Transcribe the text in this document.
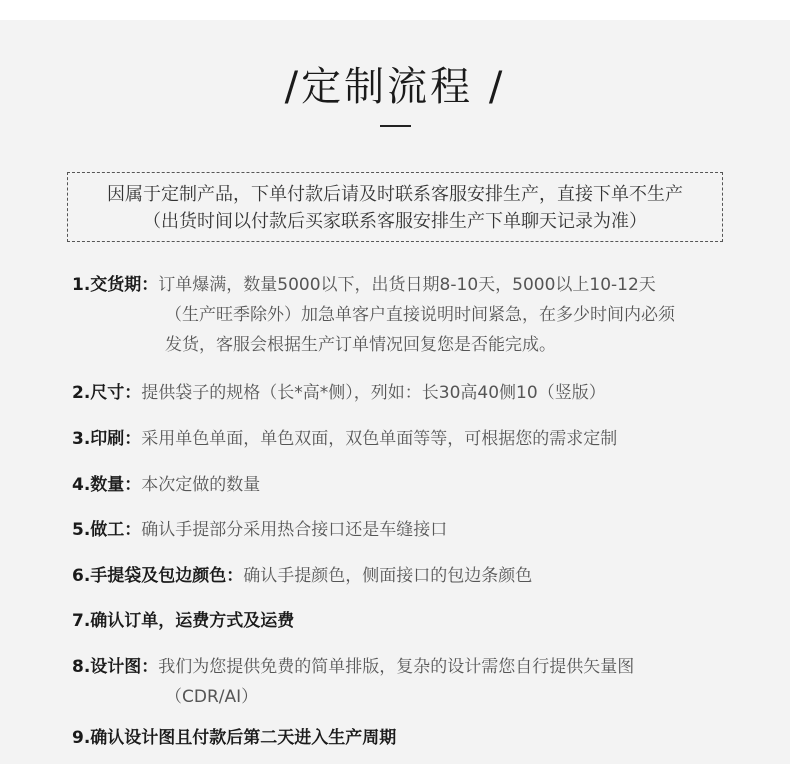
/定制流程 /
因属于定制产品，下单付款后请及时联系客服安排生产，直接下单不生产
（出货时间以付款后买家联系客服安排生产下单聊天记录为准）
1.交货期：订单爆满，数量5000以下，出货日期8-10天，5000以上10-12天
（生产旺季除外）加急单客户直接说明时间紧急，在多少时间内必须
发货，客服会根据生产订单情况回复您是否能完成。
2.尺寸：提供袋子的规格（长*高*侧），列如：长30高40侧10（竖版）
3.印刷：采用单色单面，单色双面，双色单面等等，可根据您的需求定制
4.数量：本次定做的数量
5.做工：确认手提部分采用热合接口还是车缝接口
6.手提袋及包边颜色：确认手提颜色，侧面接口的包边条颜色
7.确认订单，运费方式及运费
8.设计图：我们为您提供免费的简单排版，复杂的设计需您自行提供矢量图
（CDR/AI）
9.确认设计图且付款后第二天进入生产周期
